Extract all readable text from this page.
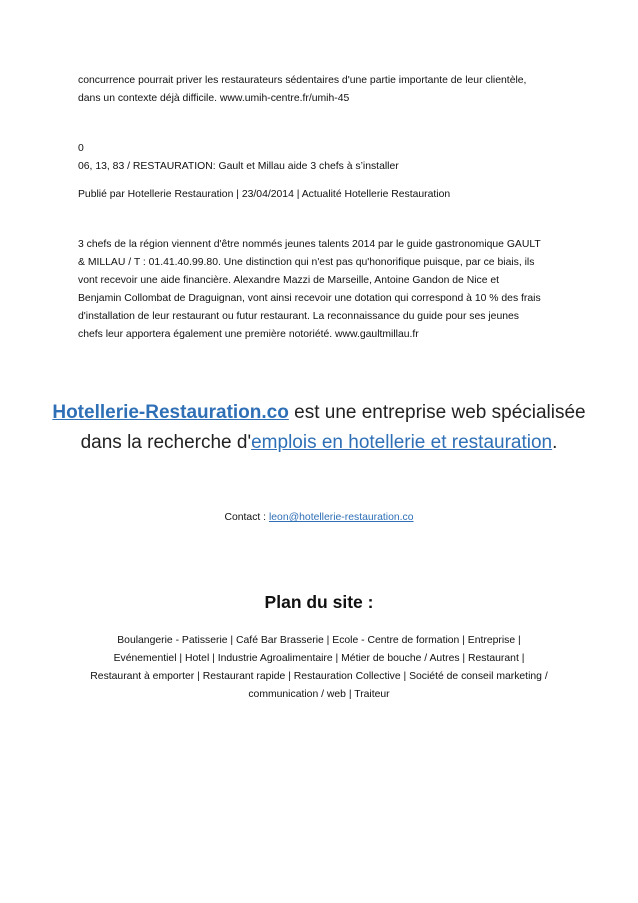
concurrence pourrait priver les restaurateurs sédentaires d'une partie importante de leur clientèle,
dans un contexte déjà difficile. www.umih-centre.fr/umih-45
0
06, 13, 83 / RESTAURATION: Gault et Millau aide 3 chefs à s’installer
Publié par Hotellerie Restauration | 23/04/2014 | Actualité Hotellerie Restauration
3 chefs de la région viennent d'être nommés jeunes talents 2014 par le guide gastronomique GAULT
& MILLAU / T : 01.41.40.99.80. Une distinction qui n'est pas qu'honorifique puisque, par ce biais, ils
vont recevoir une aide financière. Alexandre Mazzi de Marseille, Antoine Gandon de Nice et
Benjamin Collombat de Draguignan, vont ainsi recevoir une dotation qui correspond à 10 % des frais
d'installation de leur restaurant ou futur restaurant. La reconnaissance du guide pour ses jeunes
chefs leur apportera également une première notoriété. www.gaultmillau.fr
Hotellerie-Restauration.co est une entreprise web spécialisée dans la recherche d'emplois en hotellerie et restauration.
Contact : leon@hotellerie-restauration.co
Plan du site :
Boulangerie - Patisserie | Café Bar Brasserie | Ecole - Centre de formation | Entreprise |
Evénementiel | Hotel | Industrie Agroalimentaire | Métier de bouche / Autres | Restaurant |
Restaurant à emporter | Restaurant rapide | Restauration Collective | Société de conseil marketing /
communication / web | Traiteur
